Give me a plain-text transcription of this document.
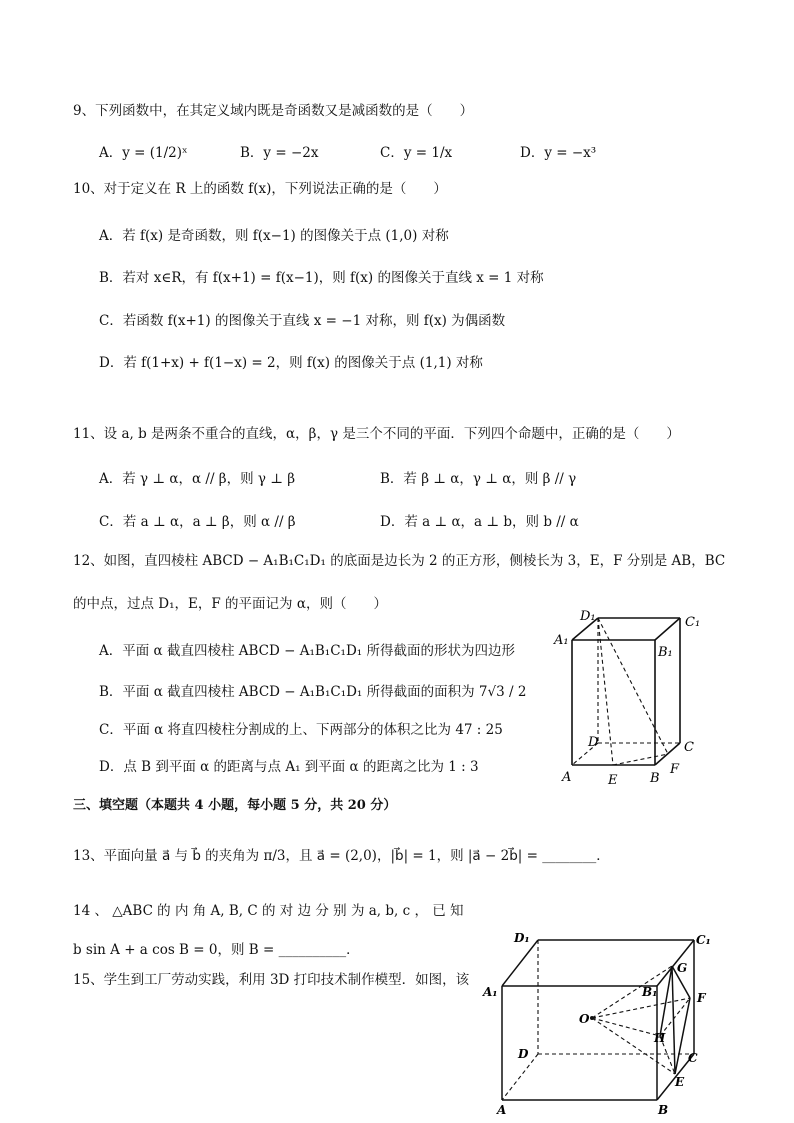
9、下列函数中，在其定义域内既是奇函数又是减函数的是（　　）
A．y = (1/2)ˣ	B．y = −2x	C．y = 1/x	D．y = −x³
10、对于定义在 R 上的函数 f(x)，下列说法正确的是（　　）
A．若 f(x) 是奇函数，则 f(x−1) 的图像关于点 (1,0) 对称
B．若对 x∈R，有 f(x+1) = f(x−1)，则 f(x) 的图像关于直线 x = 1 对称
C．若函数 f(x+1) 的图像关于直线 x = −1 对称，则 f(x) 为偶函数
D．若 f(1+x) + f(1−x) = 2，则 f(x) 的图像关于点 (1,1) 对称
11、设 a, b 是两条不重合的直线，α，β，γ 是三个不同的平面．下列四个命题中，正确的是（　　）
A．若 γ ⊥ α，α // β，则 γ ⊥ β	B．若 β ⊥ α，γ ⊥ α，则 β // γ
C．若 a ⊥ α，a ⊥ β，则 α // β	D．若 a ⊥ α，a ⊥ b，则 b // α
12、如图，直四棱柱 ABCD − A₁B₁C₁D₁ 的底面是边长为 2 的正方形，侧棱长为 3，E，F 分别是 AB，BC
的中点，过点 D₁，E，F 的平面记为 α，则（　　）
A．平面 α 截直四棱柱 ABCD − A₁B₁C₁D₁ 所得截面的形状为四边形
B．平面 α 截直四棱柱 ABCD − A₁B₁C₁D₁ 所得截面的面积为 7√3 / 2
C．平面 α 将直四棱柱分割成的上、下两部分的体积之比为 47 : 25
D．点 B 到平面 α 的距离与点 A₁ 到平面 α 的距离之比为 1 : 3
D₁	C₁
A₁
B₁
D	C
A	E	B
F
三、填空题（本题共 4 小题，每小题 5 分，共 20 分）
13、平面向量 a⃗ 与 b⃗ 的夹角为 π/3，且 a⃗ = (2,0)，|b⃗| = 1，则 |a⃗ − 2b⃗| = ________．
14 、 △ABC 的 内 角 A, B, C 的 对 边 分 别 为 a, b, c ， 已 知
b sin A + a cos B = 0，则 B = __________．
15、学生到工厂劳动实践，利用 3D 打印技术制作模型．如图，该
D₁	C₁
A₁
G
B₁	F
O
H
D	C
E
A	B
